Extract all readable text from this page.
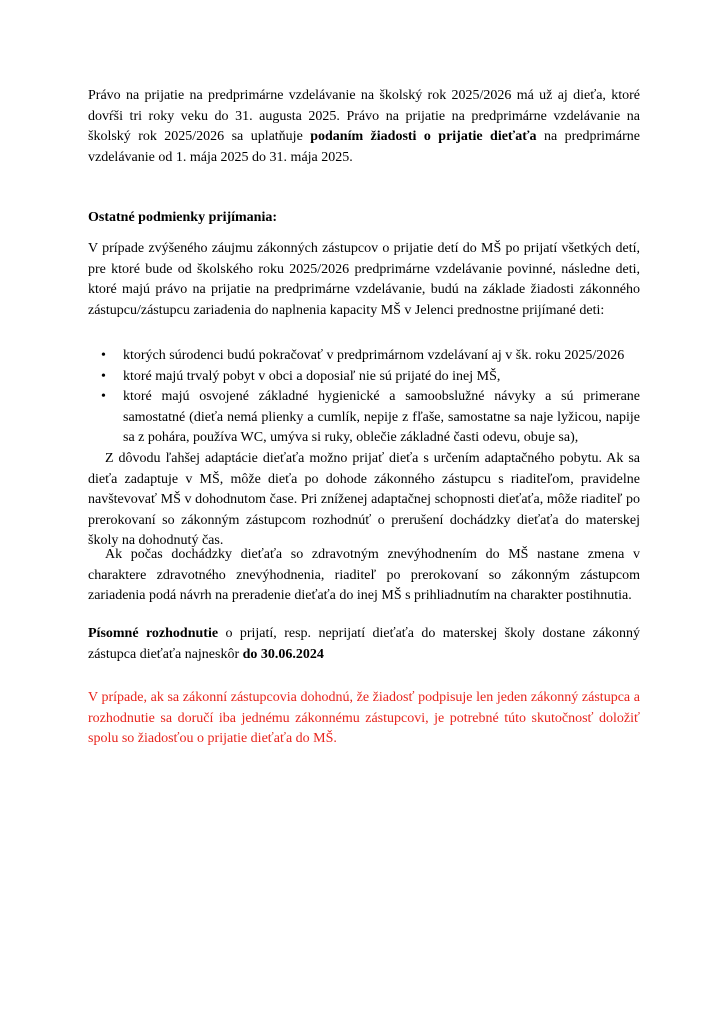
Právo na prijatie na predprimárne vzdelávanie na školský rok 2025/2026 má už aj dieťa, ktoré dovŕši tri roky veku do 31. augusta 2025. Právo na prijatie na predprimárne vzdelávanie na školský rok 2025/2026 sa uplatňuje podaním žiadosti o prijatie dieťaťa na predprimárne vzdelávanie od 1. mája 2025 do 31. mája 2025.

Ostatné podmienky prijímania:

V prípade zvýšeného záujmu zákonných zástupcov o prijatie detí do MŠ po prijatí všetkých detí, pre ktoré bude od školského roku 2025/2026 predprimárne vzdelávanie povinné, následne deti, ktoré majú právo na prijatie na predprimárne vzdelávanie, budú na základe žiadosti zákonného zástupcu/zástupcu zariadenia do naplnenia kapacity MŠ v Jelenci prednostne prijímané deti:

• ktorých súrodenci budú pokračovať v predprimárnom vzdelávaní aj v šk. roku 2025/2026
• ktoré majú trvalý pobyt v obci a doposiaľ nie sú prijaté do inej MŠ,
• ktoré majú osvojené základné hygienické a samoobslužné návyky a sú primerane samostatné (dieťa nemá plienky a cumlík, nepije z fľaše, samostatne sa naje lyžicou, napije sa z pohára, používa WC, umýva si ruky, oblečie základné časti odevu, obuje sa),

Z dôvodu ľahšej adaptácie dieťaťa možno prijať dieťa s určením adaptačného pobytu. Ak sa dieťa zadaptuje v MŠ, môže dieťa po dohode zákonného zástupcu s riaditeľom, pravidelne navštevovať MŠ v dohodnutom čase. Pri zníženej adaptačnej schopnosti dieťaťa, môže riaditeľ po prerokovaní so zákonným zástupcom rozhodnúť o prerušení dochádzky dieťaťa do materskej školy na dohodnutý čas.

Ak počas dochádzky dieťaťa so zdravotným znevýhodnením do MŠ nastane zmena v charaktere zdravotného znevýhodnenia, riaditeľ po prerokovaní so zákonným zástupcom zariadenia podá návrh na preradenie dieťaťa do inej MŠ s prihliadnutím na charakter postihnutia.

Písomné rozhodnutie o prijatí, resp. neprijatí dieťaťa do materskej školy dostane zákonný zástupca dieťaťa najneskôr do 30.06.2024

V prípade, ak sa zákonní zástupcovia dohodnú, že žiadosť podpisuje len jeden zákonný zástupca a rozhodnutie sa doručí iba jednému zákonnému zástupcovi, je potrebné túto skutočnosť doložiť spolu so žiadosťou o prijatie dieťaťa do MŠ.
